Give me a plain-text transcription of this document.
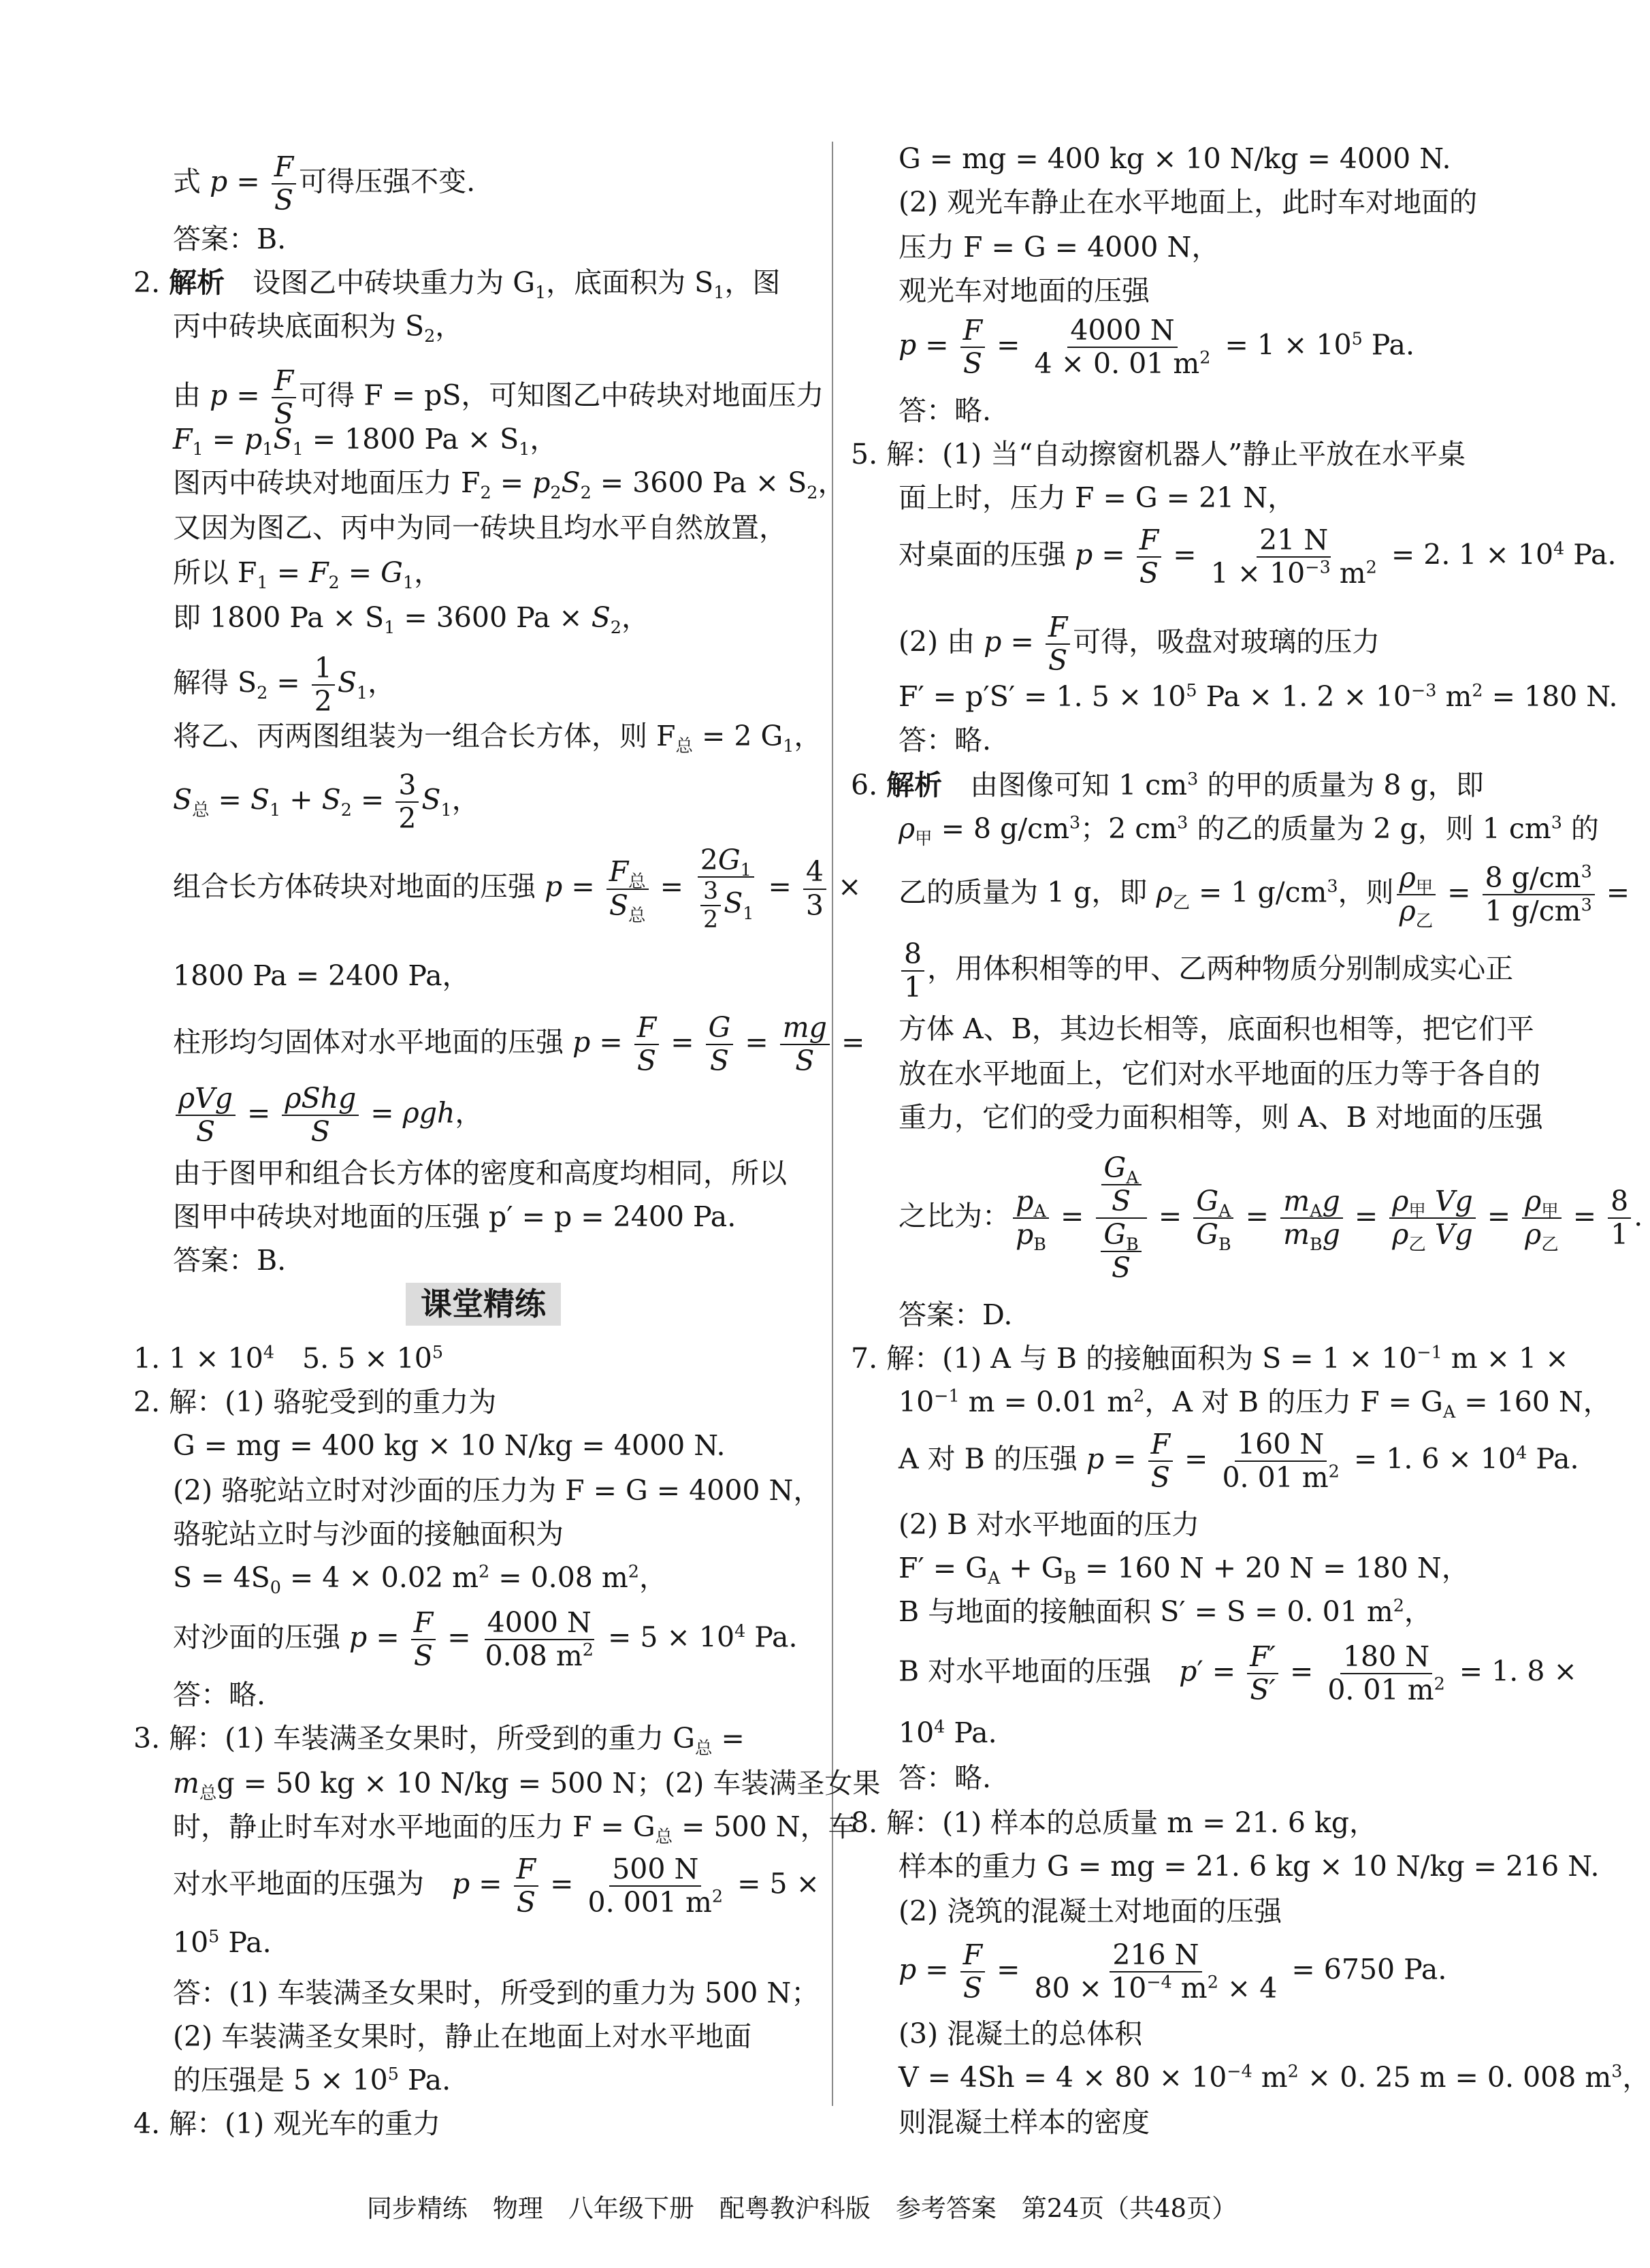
式 $p = \frac{F}{S}$ 可得压强不变.
答案：B.
2. 解析　 设图乙中砖块重力为 $G_1$，底面积为 $S_1$，图
丙中砖块底面积为 $S_2$，
由 $p = \frac{F}{S}$ 可得 F = pS，可知图乙中砖块对地面压力
$F_1 = p_1S_1 = 1800$ $Pa \times S_1$，
图丙中砖块对地面压力 $F_2 = p_2S_2 = 3600$ $Pa \times S_2$，
又因为图乙、丙中为同一砖块且均水平自然放置，
所以 $F_1 = F_2 = G_1$，
即 1800 $Pa \times S_1 = 3600$ $Pa \times S_2$，
解得 $S_2 = \frac{1}{2} S_1$，
将乙、丙两图组装为一组合长方体，则 $F_总 = 2$ $G_1$，
$S_总 = S_1 + S_2 = \frac{3}{2} S_1$，
组合长方体砖块对地面的压强 $p = \frac{F_总}{S_总} = \frac{2G_1}{\frac{3}{2} S_1} = \frac{4}{3}$ ×
1800 Pa = 2400 Pa，
柱形均匀固体对水平地面的压强 $p = \frac{F}{S} = \frac{G}{S} = \frac{mg}{S}$ =
$\frac{\text{ρVg}}{S} = \frac{\text{ρShg}}{S} = \rho gh$，
由于图甲和组合长方体的密度和高度均相同，所以
图甲中砖块对地面的压强 p′ = p = 2400 Pa.
答案：B.
1. $1 \times 10^4$　5. $5 \times 10^5$
2. 解：(1) 骆驼受到的重力为
G = mg = 400 kg × 10 N/kg = 4000 N.
(2) 骆驼站立时对沙面的压力为 F = G = 4000 N，
骆驼站立时与沙面的接触面积为
$S = 4S_0 = 4 \times 0.02$ $m^2 = 0.08$ $m^2$，
对沙面的压强 $p = \frac{F}{S} = \frac{4000 N}{0.08 m^2} = 5 \times 10^4$ Pa.
答：略.
3. 解：(1) 车装满圣女果时，所受到的重力 $G_总$ =
$m_总g = 50$ kg × 10 N/kg = 500 N；(2) 车装满圣女果
时，静止时车对水平地面的压力 $F = G_总 = 500$ N，车
对水平地面的压强为　 $p = \frac{F}{S} = \frac{500 N}{0. 001 m^2} = 5$ ×
$10^5$ Pa.
答：(1) 车装满圣女果时，所受到的重力为 500 N；
(2) 车装满圣女果时，静止在地面上对水平地面
的压强是 $5 \times 10^5$ Pa.
4. 解：(1) 观光车的重力
课堂精练
G = mg = 400 kg × 10 N/kg = 4000 N.
(2) 观光车静止在水平地面上，此时车对地面的
压力 F = G = 4000 N，
观光车对地面的压强
$p = \frac{F}{S} = \frac{4000 N}{4 \times 0. 01 m^2} = 1 \times 10^5$ Pa.
答：略.
5. 解：(1) 当“自动擦窗机器人”静止平放在水平桌
面上时，压力 F = G = 21 N，
对桌面的压强 $p = \frac{F}{S} = \frac{21 N}{1 \times 10^{-3} m^2} = 2$. $1 \times 10^4$ Pa.
(2) 由 $p = \frac{F}{S}$ 可得，吸盘对玻璃的压力
F′ = p′S′ = 1. $5 \times 10^5$ Pa × 1. $2 \times 10^{-3}$ $m^2 = 180$ N.
答：略.
6. 解析　 由图像可知 1 $cm^3$ 的甲的质量为 8 g，即
$\rho_甲 = 8$ $g/cm^3$；2 $cm^3$ 的乙的质量为 2 g，则 1 $cm^3$ 的
乙的质量为 1 g，即 $\rho_乙 = 1$ $g/cm^3$，则 $\frac{\rho_甲}{\rho_乙} = \frac{8 g/cm^3}{1 g/cm^3}$ =
$\frac{8}{1}$ ，用体积相等的甲、乙两种物质分别制成实心正
方体 A、B，其边长相等，底面积也相等，把它们平
放在水平地面上，它们对水平地面的压力等于各自的
重力，它们的受力面积相等，则 A、B 对地面的压强
之比为： $\frac{p_A}{p_B} = \frac{\frac{G_A}{S}}{\frac{G_B}{S}} = \frac{G_A}{G_B} = \frac{m_Ag}{m_Bg} = \frac{\rho_甲 Vg}{\rho_乙 Vg} = \frac{\rho_甲}{\rho_乙} = \frac{8}{1}$ .
答案：D.
7. 解：(1) A 与 B 的接触面积为 $S = 1 \times 10^{-1}$ m × 1 ×
$10^{-1}$ m = 0.01 $m^2$，A 对 B 的压力 $F = G_A = 160$ N，
A 对 B 的压强 $p = \frac{F}{S} = \frac{160 N}{0. 01 m^2} = 1$. $6 \times 10^4$ Pa.
(2) B 对水平地面的压力
$F' = G_A + G_B = 160$ N + 20 N = 180 N，
B 与地面的接触面积 S′ = S = 0. 01 $m^2$，
B 对水平地面的压强　 $p' = \frac{F'}{S'} = \frac{180 N}{0. 01 m^2} = 1$. 8 ×
$10^4$ Pa.
答：略.
8. 解：(1) 样本的总质量 m = 21. 6 kg，
样本的重力 G = mg = 21. 6 kg × 10 N/kg = 216 N.
(2) 浇筑的混凝土对地面的压强
$p = \frac{F}{S} = \frac{216 N}{80 \times 10^{-4} m^2 \times 4} = 6750$ Pa.
(3) 混凝土的总体积
$V = 4Sh = 4 \times 80 \times 10^{-4}$ $m^2 \times 0$. 25 m = 0. 008 $m^3$，
则混凝土样本的密度
同步精练　物理　八年级下册　配粤教沪科版　参考答案　第24页（共48页）
